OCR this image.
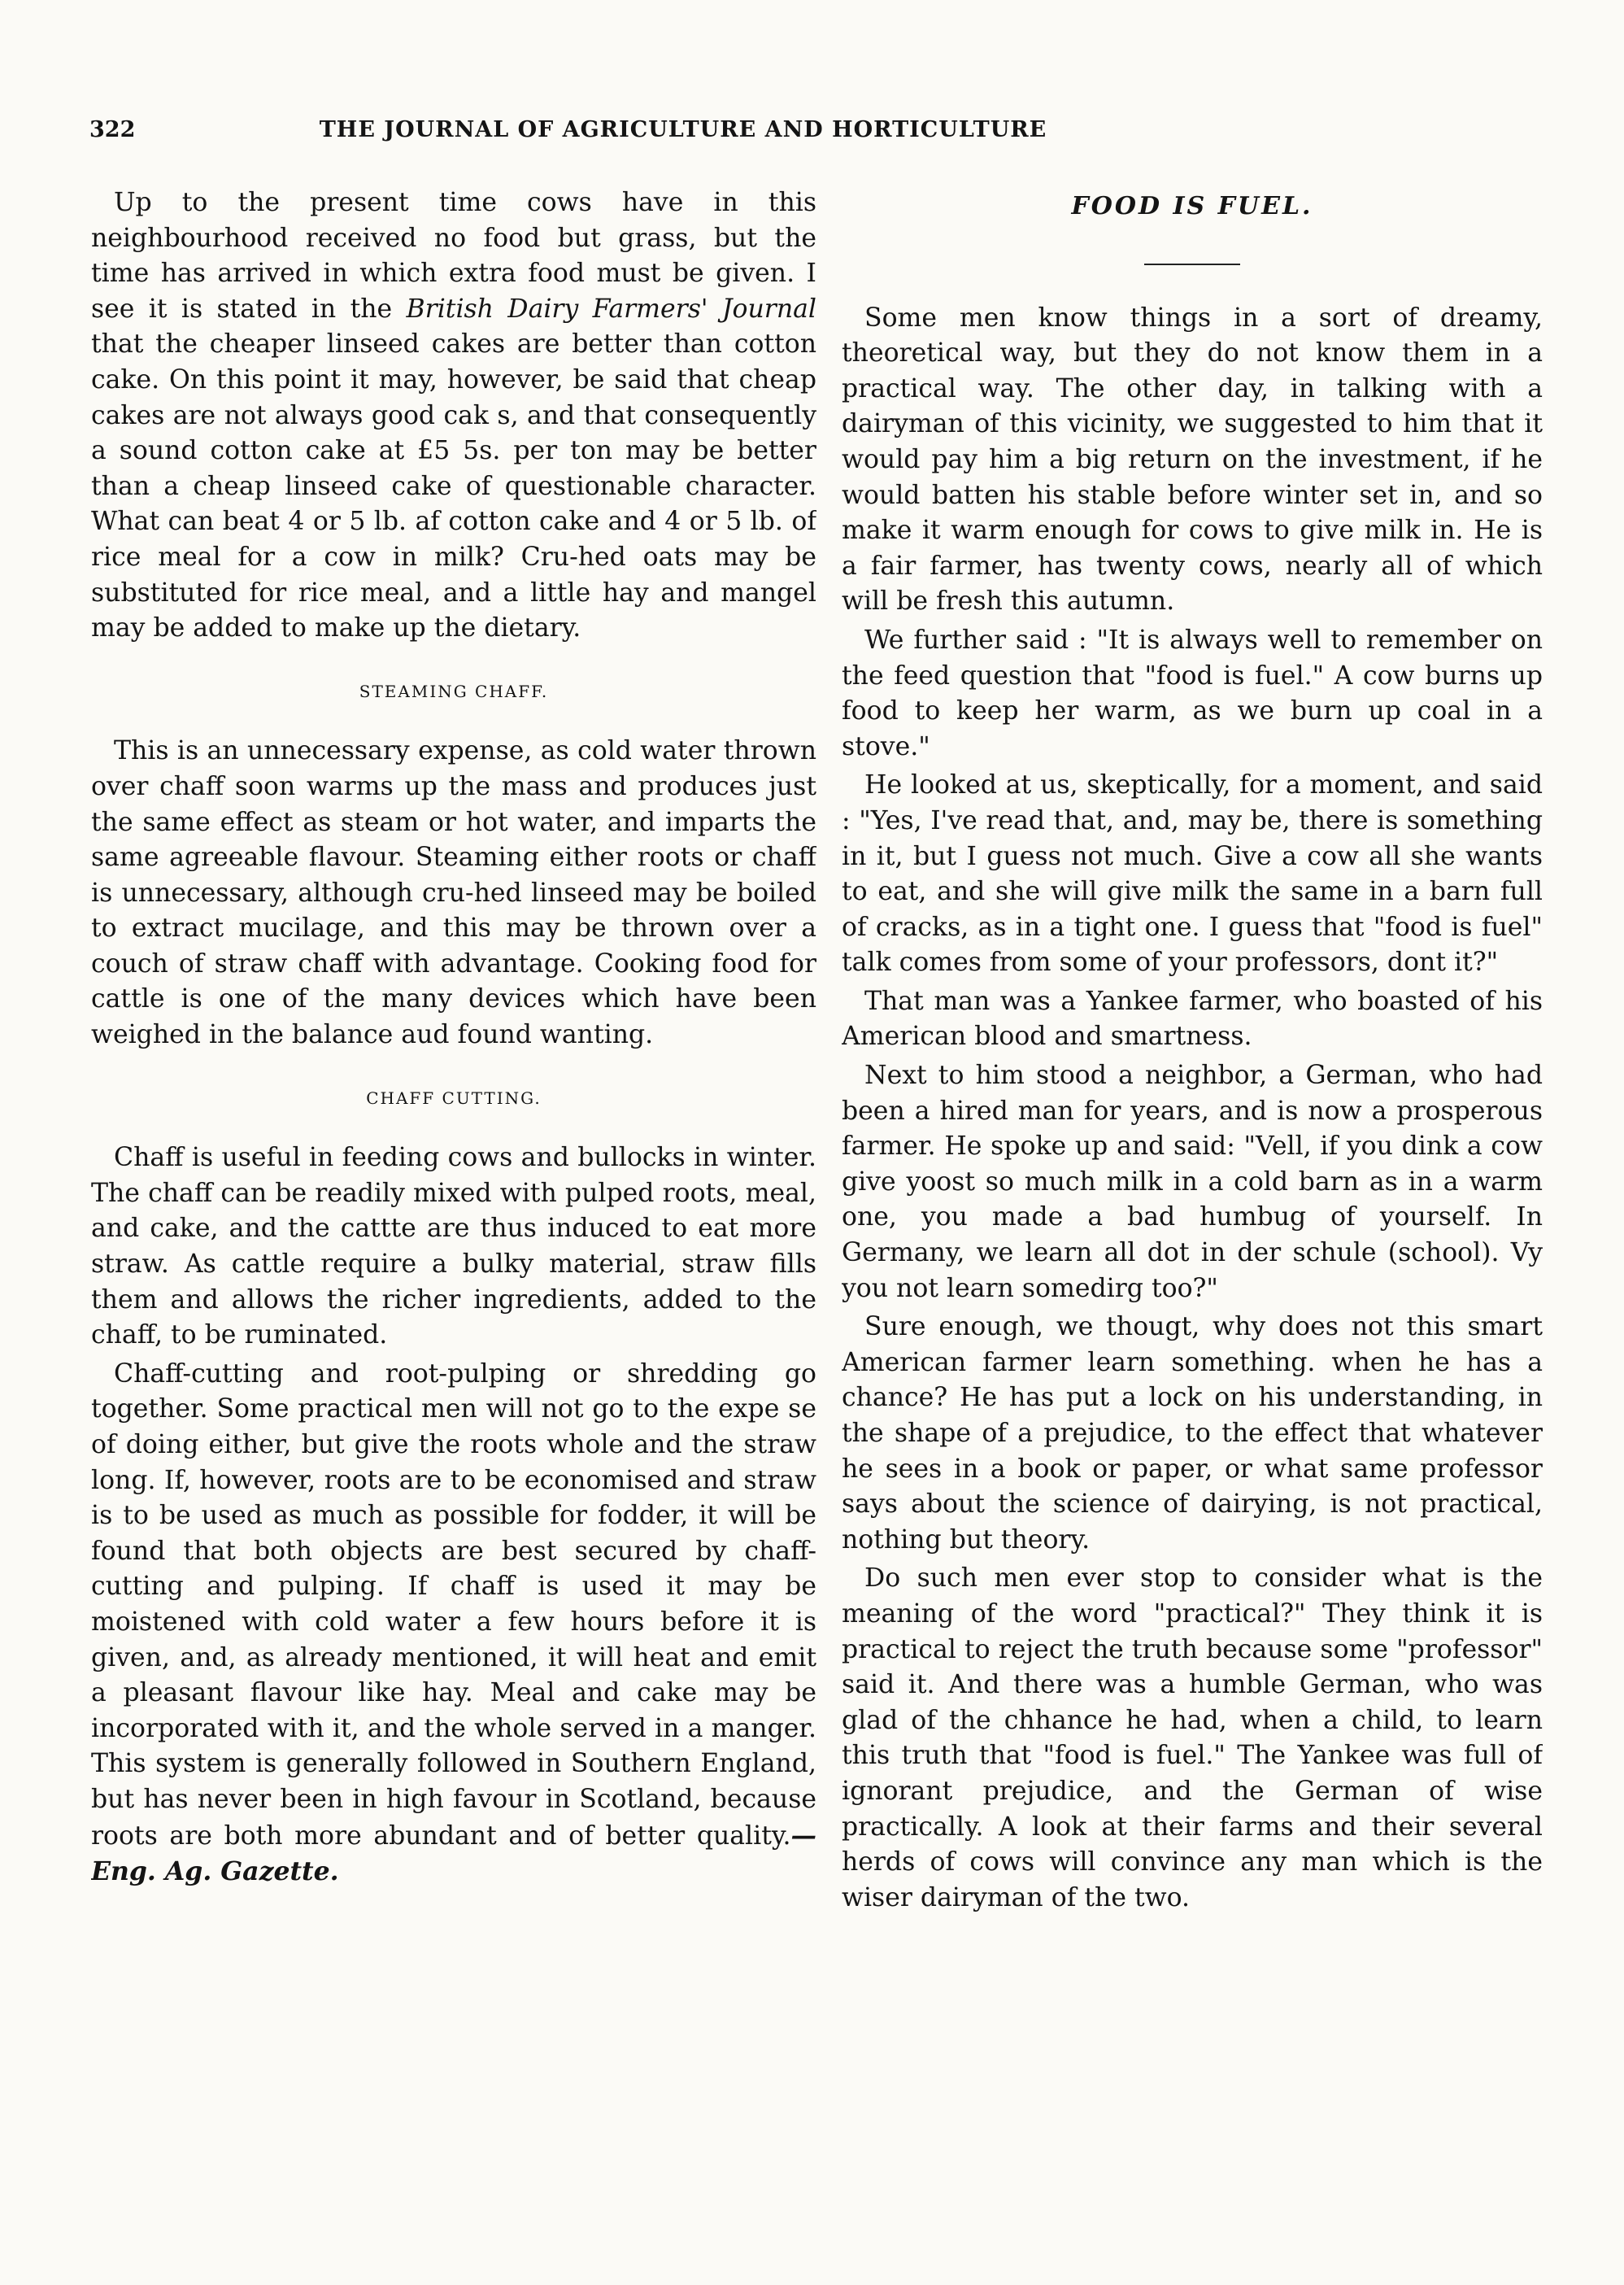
322	THE JOURNAL OF AGRICULTURE AND HORTICULTURE

Up to the present time cows have in this neighbourhood received no food but grass, but the time has arrived in which extra food must be given. I see it is stated in the British Dairy Farmers' Journal that the cheaper linseed cakes are better than cotton cake. On this point it may, however, be said that cheap cakes are not always good cak s, and that consequently a sound cotton cake at £5 5s. per ton may be better than a cheap linseed cake of questionable character. What can beat 4 or 5 lb. af cotton cake and 4 or 5 lb. of rice meal for a cow in milk? Cru-hed oats may be substituted for rice meal, and a little hay and mangel may be added to make up the dietary.

STEAMING CHAFF.

This is an unnecessary expense, as cold water thrown over chaff soon warms up the mass and produces just the same effect as steam or hot water, and imparts the same agreeable flavour. Steaming either roots or chaff is unnecessary, although cru-hed linseed may be boiled to extract mucilage, and this may be thrown over a couch of straw chaff with advantage. Cooking food for cattle is one of the many devices which have been weighed in the balance aud found wanting.

CHAFF CUTTING.

Chaff is useful in feeding cows and bullocks in winter. The chaff can be readily mixed with pulped roots, meal, and cake, and the cattte are thus induced to eat more straw. As cattle require a bulky material, straw fills them and allows the richer ingredients, added to the chaff, to be ruminated.

Chaff-cutting and root-pulping or shredding go together. Some practical men will not go to the expe se of doing either, but give the roots whole and the straw long. If, however, roots are to be economised and straw is to be used as much as possible for fodder, it will be found that both objects are best secured by chaff-cutting and pulping. If chaff is used it may be moistened with cold water a few hours before it is given, and, as already mentioned, it will heat and emit a pleasant flavour like hay. Meal and cake may be incorporated with it, and the whole served in a manger. This system is generally followed in Southern England, but has never been in high favour in Scotland, because roots are both more abundant and of better quality.—Eng. Ag. Gazette.

FOOD IS FUEL.

Some men know things in a sort of dreamy, theoretical way, but they do not know them in a practical way. The other day, in talking with a dairyman of this vicinity, we suggested to him that it would pay him a big return on the investment, if he would batten his stable before winter set in, and so make it warm enough for cows to give milk in. He is a fair farmer, has twenty cows, nearly all of which will be fresh this autumn.

We further said : "It is always well to remember on the feed question that "food is fuel." A cow burns up food to keep her warm, as we burn up coal in a stove."

He looked at us, skeptically, for a moment, and said : "Yes, I've read that, and, may be, there is something in it, but I guess not much. Give a cow all she wants to eat, and she will give milk the same in a barn full of cracks, as in a tight one. I guess that "food is fuel" talk comes from some of your professors, dont it?"

That man was a Yankee farmer, who boasted of his American blood and smartness.

Next to him stood a neighbor, a German, who had been a hired man for years, and is now a prosperous farmer. He spoke up and said: "Vell, if you dink a cow give yoost so much milk in a cold barn as in a warm one, you made a bad humbug of yourself. In Germany, we learn all dot in der schule (school). Vy you not learn somedirg too?"

Sure enough, we thougt, why does not this smart American farmer learn something. when he has a chance? He has put a lock on his understanding, in the shape of a prejudice, to the effect that whatever he sees in a book or paper, or what same professor says about the science of dairying, is not practical, nothing but theory.

Do such men ever stop to consider what is the meaning of the word "practical?" They think it is practical to reject the truth because some "professor" said it. And there was a humble German, who was glad of the chhance he had, when a child, to learn this truth that "food is fuel." The Yankee was full of ignorant prejudice, and the German of wise practically. A look at their farms and their several herds of cows will convince any man which is the wiser dairyman of the two.
